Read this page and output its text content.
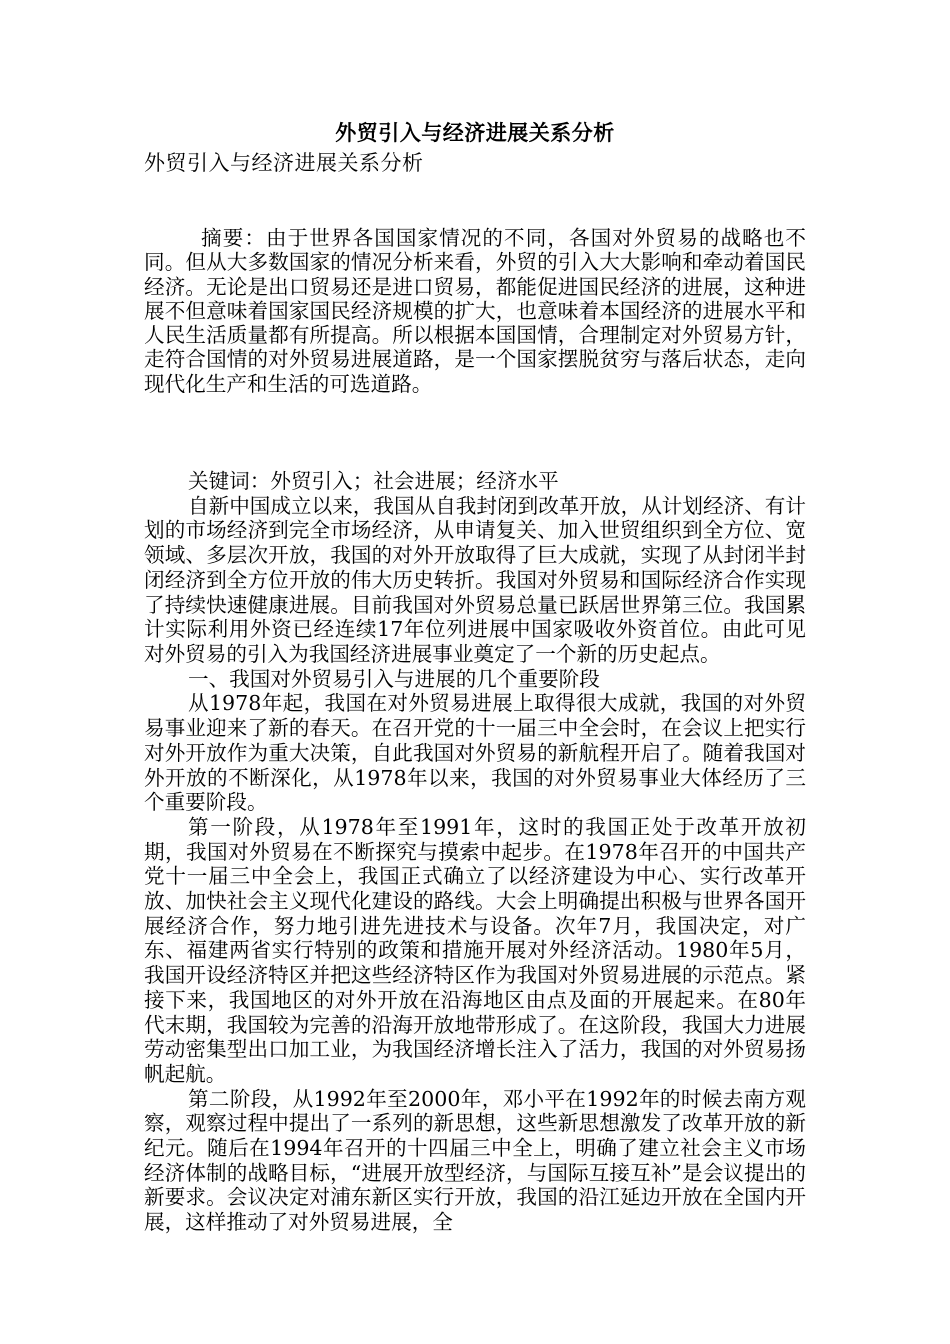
外贸引入与经济进展关系分析
外贸引入与经济进展关系分析

摘要：由于世界各国国家情况的不同，各国对外贸易的战略也不同。但从大多数国家的情况分析来看，外贸的引入大大影响和牵动着国民经济。无论是出口贸易还是进口贸易，都能促进国民经济的进展，这种进展不但意味着国家国民经济规模的扩大，也意味着本国经济的进展水平和人民生活质量都有所提高。所以根据本国国情，合理制定对外贸易方针，走符合国情的对外贸易进展道路，是一个国家摆脱贫穷与落后状态，走向现代化生产和生活的可选道路。

关键词：外贸引入；社会进展；经济水平

自新中国成立以来，我国从自我封闭到改革开放，从计划经济、有计划的市场经济到完全市场经济，从申请复关、加入世贸组织到全方位、宽领域、多层次开放，我国的对外开放取得了巨大成就，实现了从封闭半封闭经济到全方位开放的伟大历史转折。我国对外贸易和国际经济合作实现了持续快速健康进展。目前我国对外贸易总量已跃居世界第三位。我国累计实际利用外资已经连续17年位列进展中国家吸收外资首位。由此可见对外贸易的引入为我国经济进展事业奠定了一个新的历史起点。

一、我国对外贸易引入与进展的几个重要阶段

从1978年起，我国在对外贸易进展上取得很大成就，我国的对外贸易事业迎来了新的春天。在召开党的十一届三中全会时，在会议上把实行对外开放作为重大决策，自此我国对外贸易的新航程开启了。随着我国对外开放的不断深化，从1978年以来，我国的对外贸易事业大体经历了三个重要阶段。

第一阶段，从1978年至1991年，这时的我国正处于改革开放初期，我国对外贸易在不断探究与摸索中起步。在1978年召开的中国共产党十一届三中全会上，我国正式确立了以经济建设为中心、实行改革开放、加快社会主义现代化建设的路线。大会上明确提出积极与世界各国开展经济合作，努力地引进先进技术与设备。次年7月，我国决定，对广东、福建两省实行特别的政策和措施开展对外经济活动。1980年5月，我国开设经济特区并把这些经济特区作为我国对外贸易进展的示范点。紧接下来，我国地区的对外开放在沿海地区由点及面的开展起来。在80年代末期，我国较为完善的沿海开放地带形成了。在这阶段，我国大力进展劳动密集型出口加工业，为我国经济增长注入了活力，我国的对外贸易扬帆起航。

第二阶段，从1992年至2000年，邓小平在1992年的时候去南方观察，观察过程中提出了一系列的新思想，这些新思想激发了改革开放的新纪元。随后在1994年召开的十四届三中全上，明确了建立社会主义市场经济体制的战略目标，“进展开放型经济，与国际互接互补”是会议提出的新要求。会议决定对浦东新区实行开放，我国的沿江延边开放在全国内开展，这样推动了对外贸易进展，全
